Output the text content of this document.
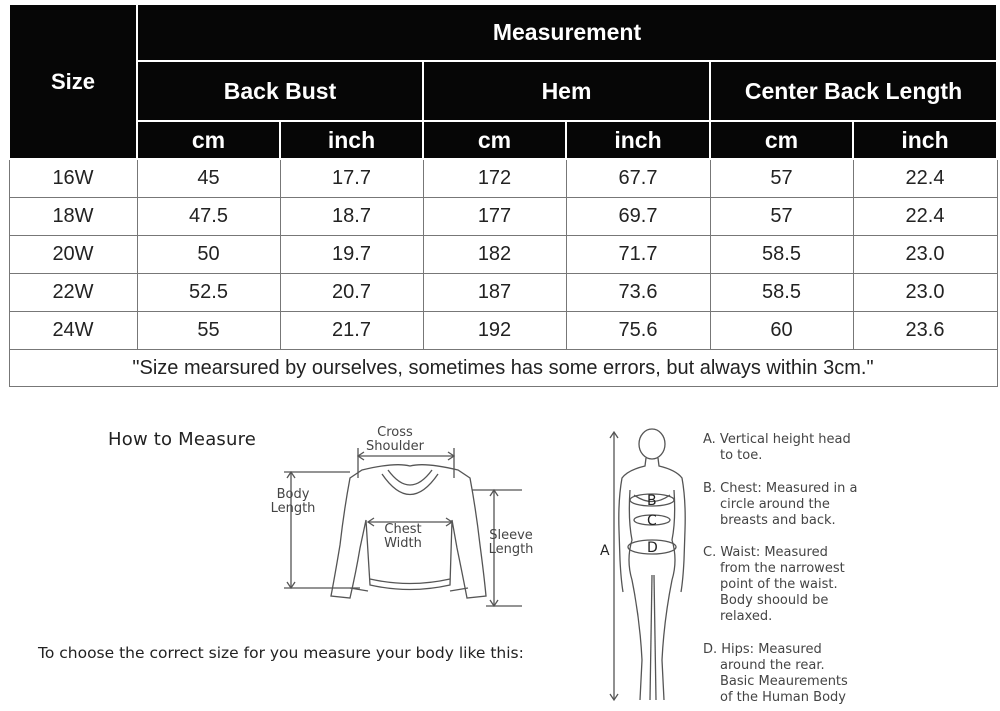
Size	Measurement					
	Back Bust		Hem		Center Back Length	
	cm	inch	cm	inch	cm	inch
16W	45	17.7	172	67.7	57	22.4
18W	47.5	18.7	177	69.7	57	22.4
20W	50	19.7	182	71.7	58.5	23.0
22W	52.5	20.7	187	73.6	58.5	23.0
24W	55	21.7	192	75.6	60	23.6
"Size mearsured by ourselves, sometimes has some errors, but always within 3cm."						
How to Measure	Cross
Shoulder
Body
Length
Chest
Width
Sleeve
Length
To choose the correct size for you measure your body like this:
A
B
C
D
A. Vertical height head
to toe.
B. Chest: Measured in a
circle around the
breasts and back.
C. Waist: Measured
from the narrowest
point of the waist.
Body shoould be
relaxed.
D. Hips: Measured
around the rear.
Basic Meaurements
of the Human Body
